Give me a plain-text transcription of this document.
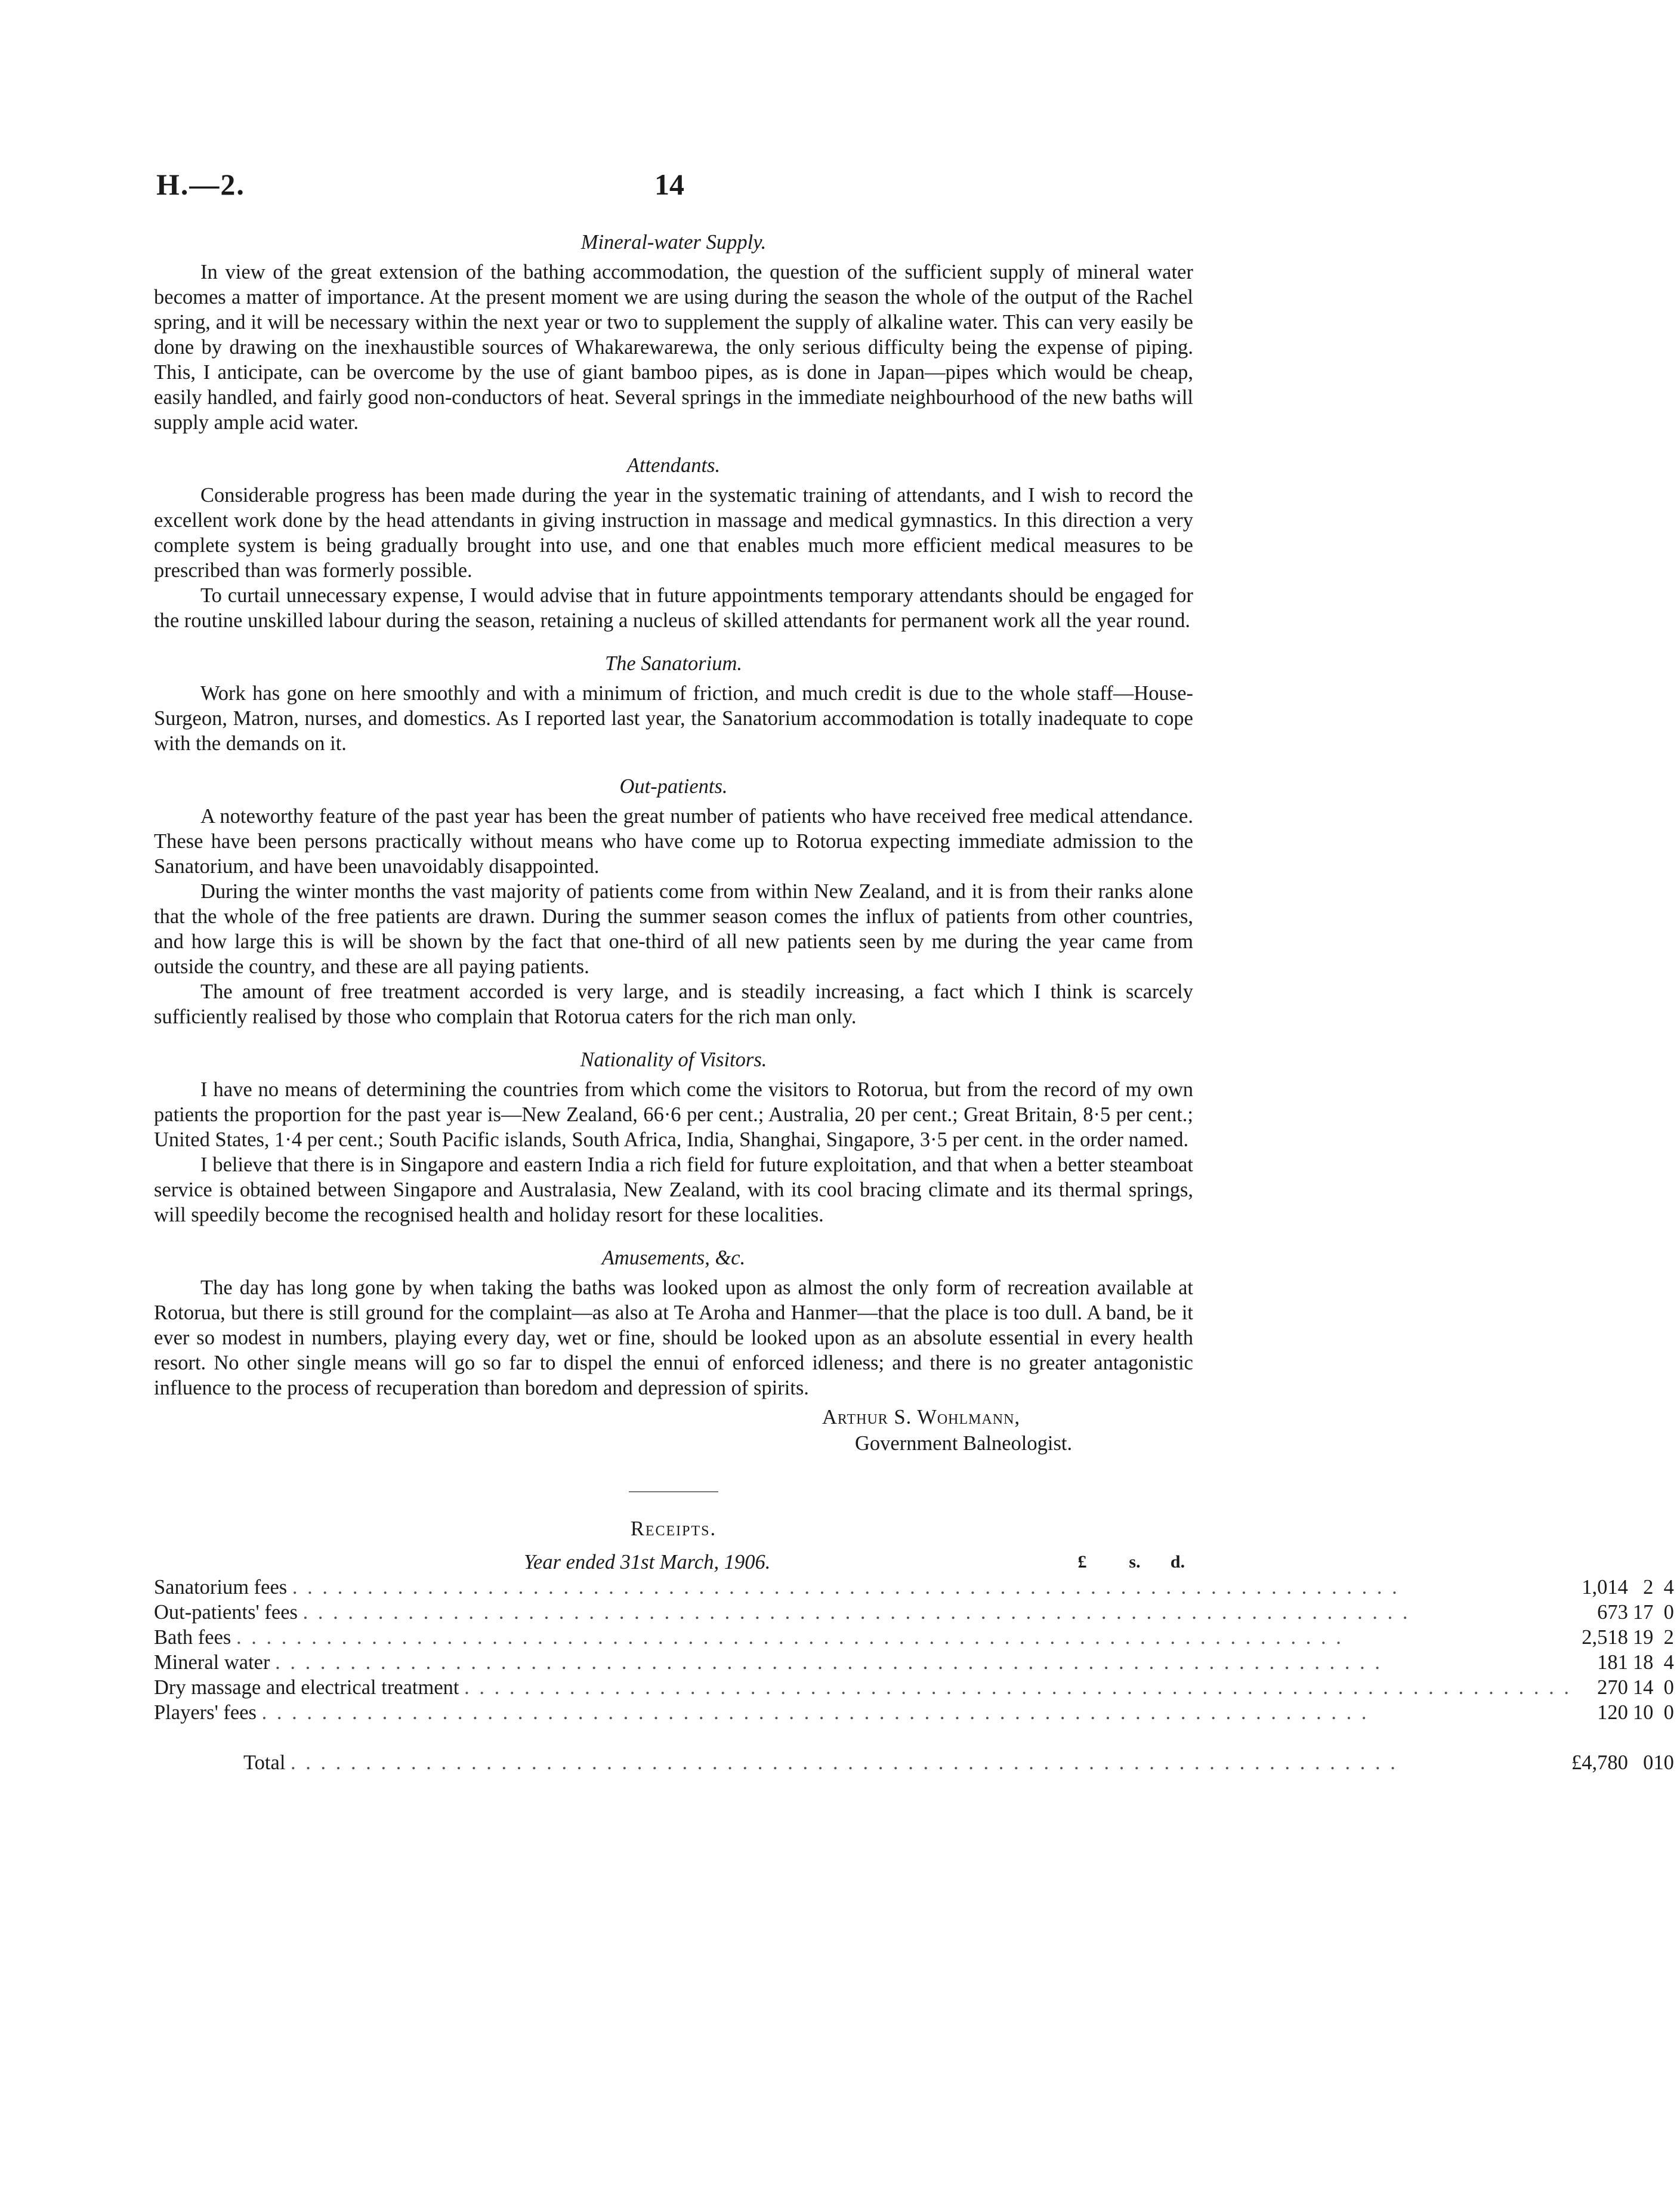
H.—2.	14
Mineral-water Supply.

In view of the great extension of the bathing accommodation, the question of the sufficient supply of mineral water becomes a matter of importance. At the present moment we are using during the season the whole of the output of the Rachel spring, and it will be necessary within the next year or two to supplement the supply of alkaline water. This can very easily be done by drawing on the inexhaustible sources of Whakarewarewa, the only serious difficulty being the expense of piping. This, I anticipate, can be overcome by the use of giant bamboo pipes, as is done in Japan—pipes which would be cheap, easily handled, and fairly good non-conductors of heat. Several springs in the immediate neighbourhood of the new baths will supply ample acid water.

Attendants.

Considerable progress has been made during the year in the systematic training of attendants, and I wish to record the excellent work done by the head attendants in giving instruction in massage and medical gymnastics. In this direction a very complete system is being gradually brought into use, and one that enables much more efficient medical measures to be prescribed than was formerly possible.

To curtail unnecessary expense, I would advise that in future appointments temporary attendants should be engaged for the routine unskilled labour during the season, retaining a nucleus of skilled attendants for permanent work all the year round.

The Sanatorium.

Work has gone on here smoothly and with a minimum of friction, and much credit is due to the whole staff—House-Surgeon, Matron, nurses, and domestics. As I reported last year, the Sanatorium accommodation is totally inadequate to cope with the demands on it.

Out-patients.

A noteworthy feature of the past year has been the great number of patients who have received free medical attendance. These have been persons practically without means who have come up to Rotorua expecting immediate admission to the Sanatorium, and have been unavoidably disappointed.

During the winter months the vast majority of patients come from within New Zealand, and it is from their ranks alone that the whole of the free patients are drawn. During the summer season comes the influx of patients from other countries, and how large this is will be shown by the fact that one-third of all new patients seen by me during the year came from outside the country, and these are all paying patients.

The amount of free treatment accorded is very large, and is steadily increasing, a fact which I think is scarcely sufficiently realised by those who complain that Rotorua caters for the rich man only.

Nationality of Visitors.

I have no means of determining the countries from which come the visitors to Rotorua, but from the record of my own patients the proportion for the past year is—New Zealand, 66·6 per cent.; Australia, 20 per cent.; Great Britain, 8·5 per cent.; United States, 1·4 per cent.; South Pacific islands, South Africa, India, Shanghai, Singapore, 3·5 per cent. in the order named.

I believe that there is in Singapore and eastern India a rich field for future exploitation, and that when a better steamboat service is obtained between Singapore and Australasia, New Zealand, with its cool bracing climate and its thermal springs, will speedily become the recognised health and holiday resort for these localities.

Amusements, &c.

The day has long gone by when taking the baths was looked upon as almost the only form of recreation available at Rotorua, but there is still ground for the complaint—as also at Te Aroha and Hanmer—that the place is too dull. A band, be it ever so modest in numbers, playing every day, wet or fine, should be looked upon as an absolute essential in every health resort. No other single means will go so far to dispel the ennui of enforced idleness; and there is no greater antagonistic influence to the process of recuperation than boredom and depression of spirits.

Arthur S. Wohlmann,
Government Balneologist.
Receipts.
Year ended 31st March, 1906.	£	s.	d.
Sanatorium fees . . . . . . . . . . . . . . . . . . . . . . . . . . . . . . . . . . . . . . . . . . . . . . . . . . . . . . . . . . . . . . . . . . . . . . . . . .	1,014	2	4
Out-patients' fees . . . . . . . . . . . . . . . . . . . . . . . . . . . . . . . . . . . . . . . . . . . . . . . . . . . . . . . . . . . . . . . . . . . . . . . . . .	673	17	0
Bath fees . . . . . . . . . . . . . . . . . . . . . . . . . . . . . . . . . . . . . . . . . . . . . . . . . . . . . . . . . . . . . . . . . . . . . . . . . .	2,518	19	2
Mineral water . . . . . . . . . . . . . . . . . . . . . . . . . . . . . . . . . . . . . . . . . . . . . . . . . . . . . . . . . . . . . . . . . . . . . . . . . .	181	18	4
Dry massage and electrical treatment . . . . . . . . . . . . . . . . . . . . . . . . . . . . . . . . . . . . . . . . . . . . . . . . . . . . . . . . . . . . . . . . . . . . . . . . . .	270	14	0
Players' fees . . . . . . . . . . . . . . . . . . . . . . . . . . . . . . . . . . . . . . . . . . . . . . . . . . . . . . . . . . . . . . . . . . . . . . . . . .	120	10	0
Total . . . . . . . . . . . . . . . . . . . . . . . . . . . . . . . . . . . . . . . . . . . . . . . . . . . . . . . . . . . . . . . . . . . . . . . . . .	£4,780	0	10
